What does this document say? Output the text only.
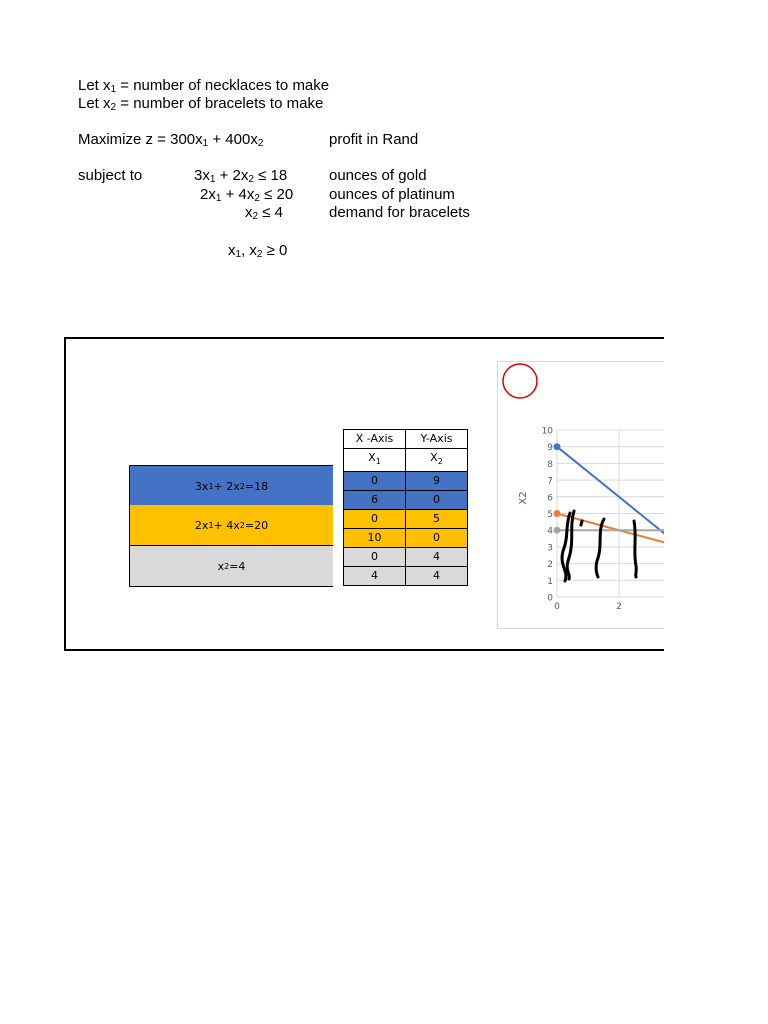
Let $x_1$ = number of necklaces to make
Let $x_2$ = number of bracelets to make
Maximize $z = 300x_1 + 400x_2$	profit in Rand
subject to	$3x_1 + 2x_2 \le 18$	ounces of gold
$2x_1 + 4x_2 \le 20$ ounces of platinum
$x_2 \le 4$	demand for bracelets
$x_1$, $x_2 \ge 0$
3x 1 + 2x 2 =18
2x 1 + 4x 2 =20
x 2 =4
X -Axis	Y-Axis
$X_1$	$X_2$
0	9
6	0
0	5
10	0
0	4
4	4
0
1
2
3
4
5
6
7
8
9
10
0	2
X2
